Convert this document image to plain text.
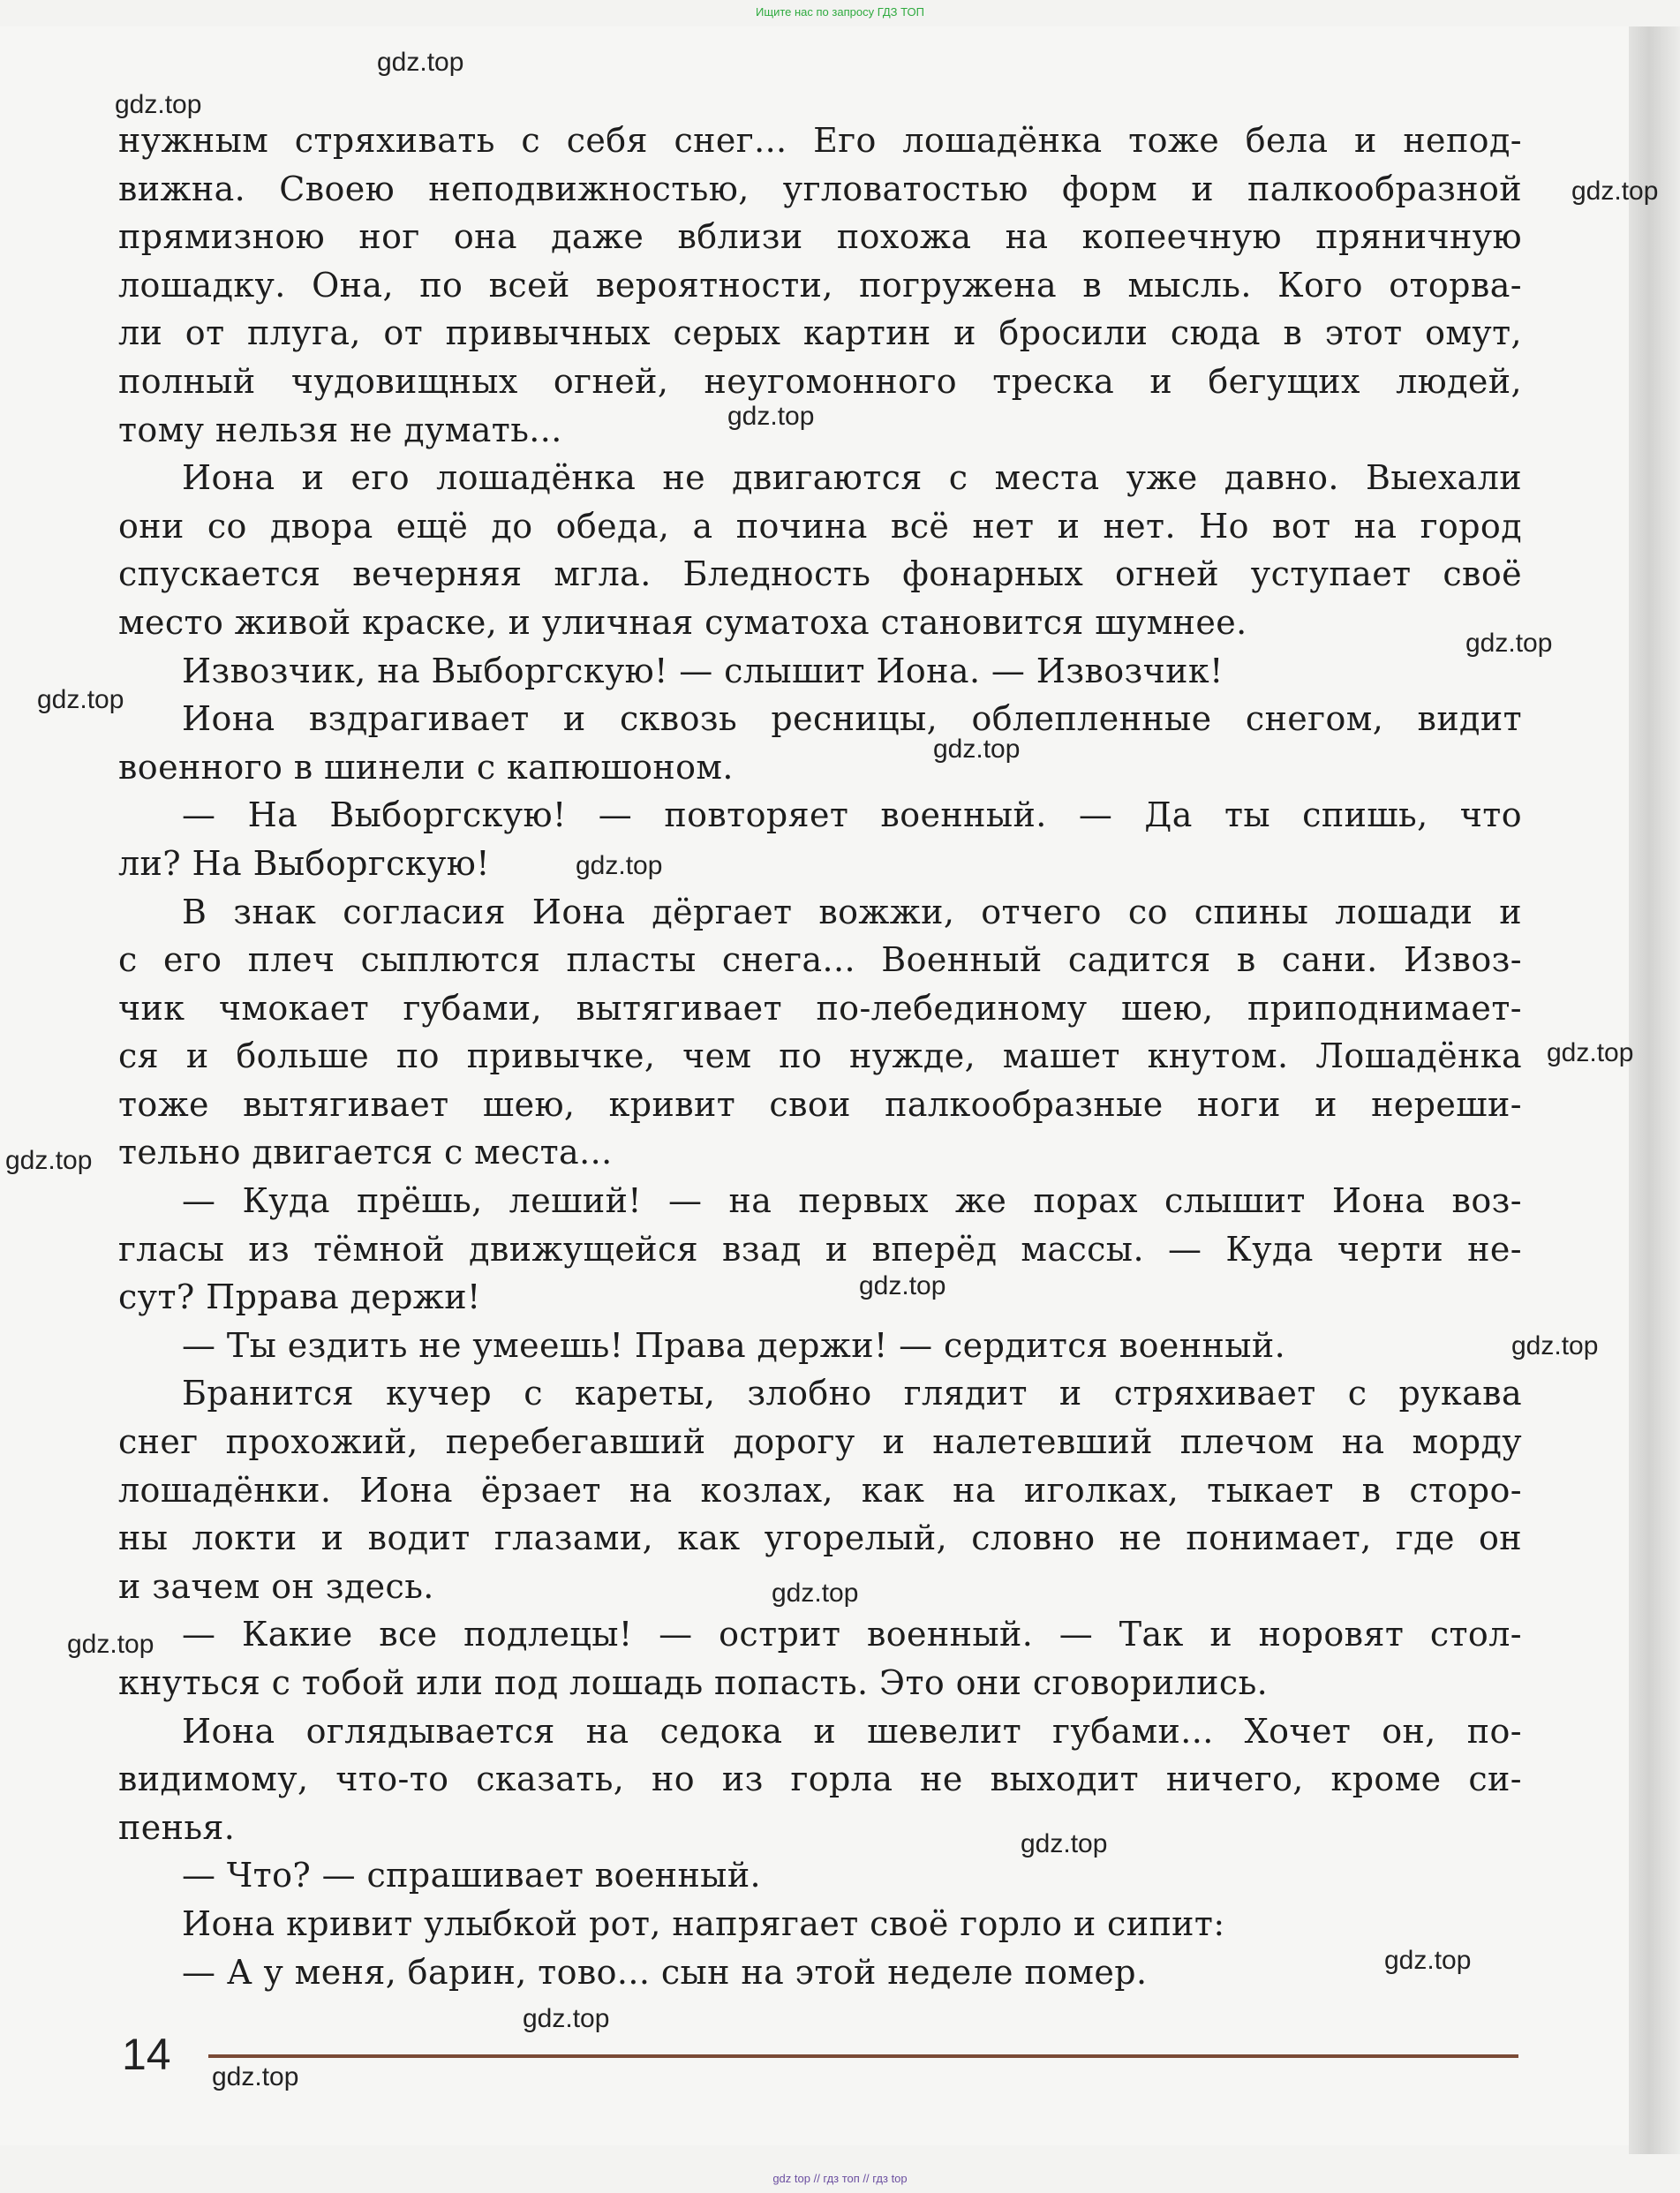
Ищите нас по запросу ГДЗ ТОП
нужным стряхивать с себя снег... Его лошадёнка тоже бела и непод-
вижна. Своею неподвижностью, угловатостью форм и палкообразной
прямизною ног она даже вблизи похожа на копеечную пряничную
лошадку. Она, по всей вероятности, погружена в мысль. Кого оторва-
ли от плуга, от привычных серых картин и бросили сюда в этот омут,
полный чудовищных огней, неугомонного треска и бегущих людей,
тому нельзя не думать...
Иона и его лошадёнка не двигаются с места уже давно. Выехали
они со двора ещё до обеда, а почина всё нет и нет. Но вот на город
спускается вечерняя мгла. Бледность фонарных огней уступает своё
место живой краске, и уличная суматоха становится шумнее.
Извозчик, на Выборгскую! — слышит Иона. — Извозчик!
Иона вздрагивает и сквозь ресницы, облепленные снегом, видит
военного в шинели с капюшоном.
— На Выборгскую! — повторяет военный. — Да ты спишь, что
ли? На Выборгскую!
В знак согласия Иона дёргает вожжи, отчего со спины лошади и
с его плеч сыплются пласты снега... Военный садится в сани. Извоз-
чик чмокает губами, вытягивает по-лебединому шею, приподнимает-
ся и больше по привычке, чем по нужде, машет кнутом. Лошадёнка
тоже вытягивает шею, кривит свои палкообразные ноги и нереши-
тельно двигается с места...
— Куда прёшь, леший! — на первых же порах слышит Иона воз-
гласы из тёмной движущейся взад и вперёд массы. — Куда черти не-
сут? Пррава держи!
— Ты ездить не умеешь! Права держи! — сердится военный.
Бранится кучер с кареты, злобно глядит и стряхивает с рукава
снег прохожий, перебегавший дорогу и налетевший плечом на морду
лошадёнки. Иона ёрзает на козлах, как на иголках, тыкает в сторо-
ны локти и водит глазами, как угорелый, словно не понимает, где он
и зачем он здесь.
— Какие все подлецы! — острит военный. — Так и норовят стол-
кнуться с тобой или под лошадь попасть. Это они сговорились.
Иона оглядывается на седока и шевелит губами... Хочет он, по-
видимому, что-то сказать, но из горла не выходит ничего, кроме си-
пенья.
— Что? — спрашивает военный.
Иона кривит улыбкой рот, напрягает своё горло и сипит:
— А у меня, барин, тово... сын на этой неделе помер.
gdz.top
gdz.top
gdz.top
gdz.top
gdz.top
gdz.top
gdz.top
gdz.top
gdz.top
gdz.top
gdz.top
gdz.top
gdz.top
gdz.top
gdz.top
gdz.top
gdz.top
gdz.top
14
gdz top // гдз топ // гдз top
